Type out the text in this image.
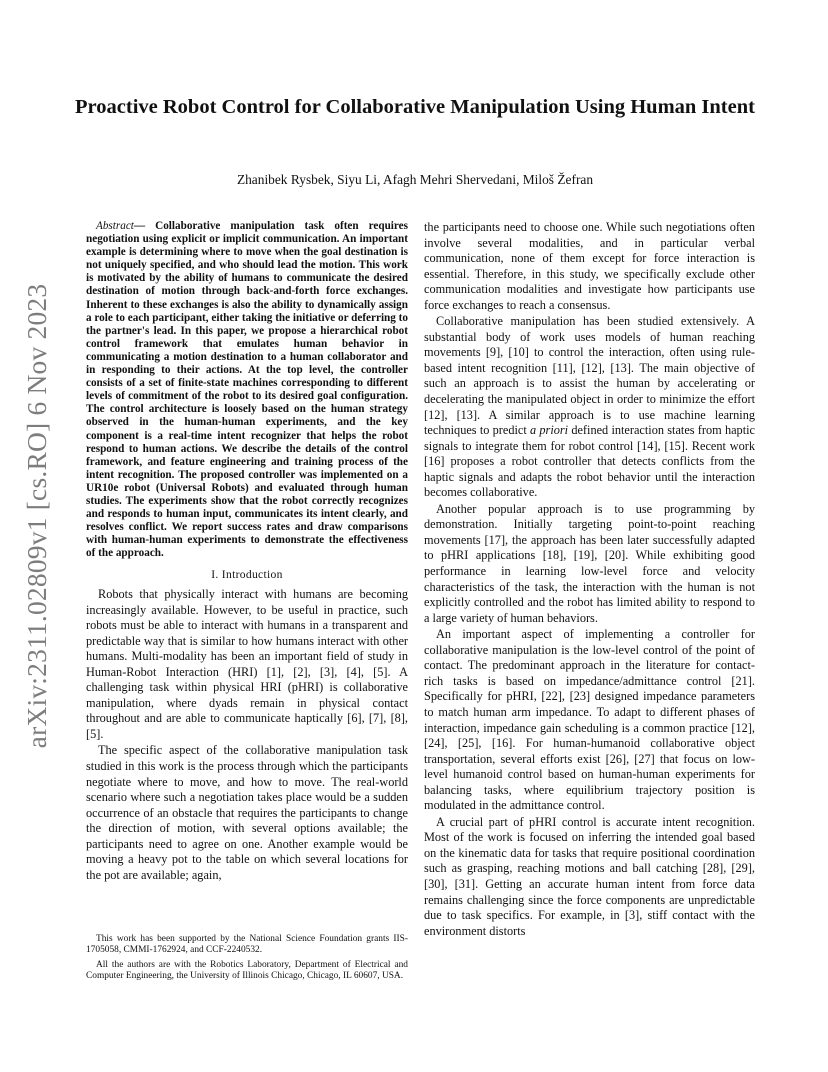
arXiv:2311.02809v1 [cs.RO] 6 Nov 2023
Proactive Robot Control for Collaborative Manipulation Using Human Intent

Zhanibek Rysbek, Siyu Li, Afagh Mehri Shervedani, Miloš Žefran

Abstract— Collaborative manipulation task often requires negotiation using explicit or implicit communication. An important example is determining where to move when the goal destination is not uniquely specified, and who should lead the motion. This work is motivated by the ability of humans to communicate the desired destination of motion through back-and-forth force exchanges. Inherent to these exchanges is also the ability to dynamically assign a role to each participant, either taking the initiative or deferring to the partner's lead. In this paper, we propose a hierarchical robot control framework that emulates human behavior in communicating a motion destination to a human collaborator and in responding to their actions. At the top level, the controller consists of a set of finite-state machines corresponding to different levels of commitment of the robot to its desired goal configuration. The control architecture is loosely based on the human strategy observed in the human-human experiments, and the key component is a real-time intent recognizer that helps the robot respond to human actions. We describe the details of the control framework, and feature engineering and training process of the intent recognition. The proposed controller was implemented on a UR10e robot (Universal Robots) and evaluated through human studies. The experiments show that the robot correctly recognizes and responds to human input, communicates its intent clearly, and resolves conflict. We report success rates and draw comparisons with human-human experiments to demonstrate the effectiveness of the approach.

I. Introduction

Robots that physically interact with humans are becoming increasingly available. However, to be useful in practice, such robots must be able to interact with humans in a transparent and predictable way that is similar to how humans interact with other humans. Multi-modality has been an important field of study in Human-Robot Interaction (HRI) [1], [2], [3], [4], [5]. A challenging task within physical HRI (pHRI) is collaborative manipulation, where dyads remain in physical contact throughout and are able to communicate haptically [6], [7], [8], [5].

The specific aspect of the collaborative manipulation task studied in this work is the process through which the participants negotiate where to move, and how to move. The real-world scenario where such a negotiation takes place would be a sudden occurrence of an obstacle that requires the participants to change the direction of motion, with several options available; the participants need to agree on one. Another example would be moving a heavy pot to the table on which several locations for the pot are available; again,

This work has been supported by the National Science Foundation grants IIS-1705058, CMMI-1762924, and CCF-2240532.

All the authors are with the Robotics Laboratory, Department of Electrical and Computer Engineering, the University of Illinois Chicago, Chicago, IL 60607, USA.

the participants need to choose one. While such negotiations often involve several modalities, and in particular verbal communication, none of them except for force interaction is essential. Therefore, in this study, we specifically exclude other communication modalities and investigate how participants use force exchanges to reach a consensus.

Collaborative manipulation has been studied extensively. A substantial body of work uses models of human reaching movements [9], [10] to control the interaction, often using rule-based intent recognition [11], [12], [13]. The main objective of such an approach is to assist the human by accelerating or decelerating the manipulated object in order to minimize the effort [12], [13]. A similar approach is to use machine learning techniques to predict a priori defined interaction states from haptic signals to integrate them for robot control [14], [15]. Recent work [16] proposes a robot controller that detects conflicts from the haptic signals and adapts the robot behavior until the interaction becomes collaborative.

Another popular approach is to use programming by demonstration. Initially targeting point-to-point reaching movements [17], the approach has been later successfully adapted to pHRI applications [18], [19], [20]. While exhibiting good performance in learning low-level force and velocity characteristics of the task, the interaction with the human is not explicitly controlled and the robot has limited ability to respond to a large variety of human behaviors.

An important aspect of implementing a controller for collaborative manipulation is the low-level control of the point of contact. The predominant approach in the literature for contact-rich tasks is based on impedance/admittance control [21]. Specifically for pHRI, [22], [23] designed impedance parameters to match human arm impedance. To adapt to different phases of interaction, impedance gain scheduling is a common practice [12], [24], [25], [16]. For human-humanoid collaborative object transportation, several efforts exist [26], [27] that focus on low-level humanoid control based on human-human experiments for balancing tasks, where equilibrium trajectory position is modulated in the admittance control.

A crucial part of pHRI control is accurate intent recognition. Most of the work is focused on inferring the intended goal based on the kinematic data for tasks that require positional coordination such as grasping, reaching motions and ball catching [28], [29], [30], [31]. Getting an accurate human intent from force data remains challenging since the force components are unpredictable due to task specifics. For example, in [3], stiff contact with the environment distorts
